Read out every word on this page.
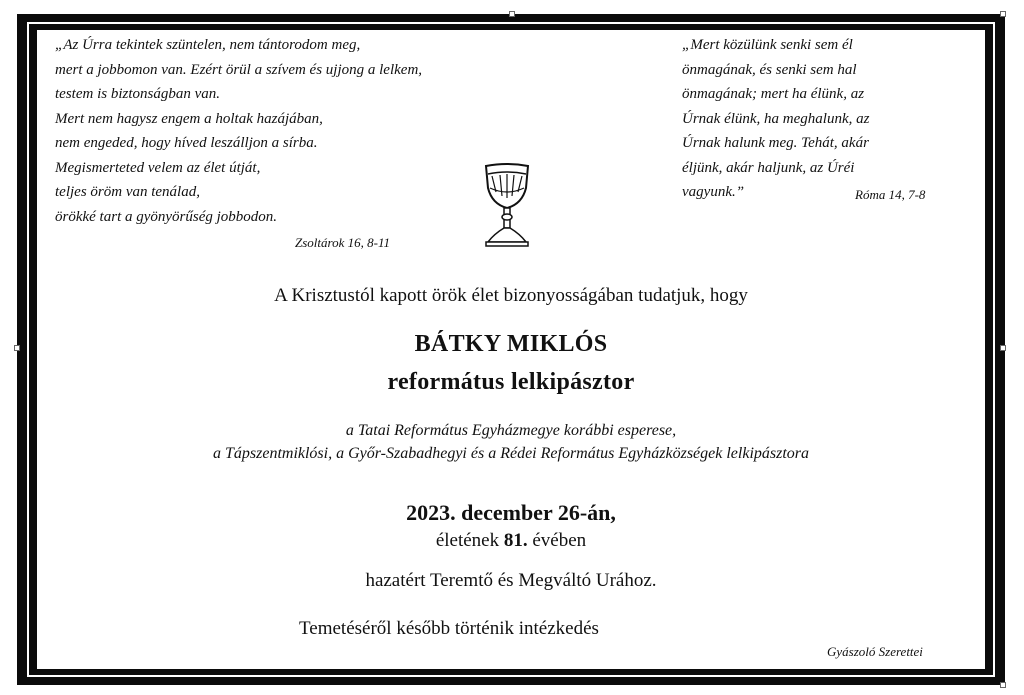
„Az Úrra tekintek szüntelen, nem tántorodom meg,
mert a jobbomon van. Ezért örül a szívem és ujjong a lelkem,
testem is biztonságban van.
Mert nem hagysz engem a holtak hazájában,
nem engeded, hogy híved leszálljon a sírba.
Megismerteted velem az élet útját,
teljes öröm van tenálad,
örökké tart a gyönyörűség jobbodon.
Zsoltárok 16, 8-11
„Mert közülünk senki sem él
önmagának, és senki sem hal
önmagának; mert ha élünk, az
Úrnak élünk, ha meghalunk, az
Úrnak halunk meg. Tehát, akár
éljünk, akár haljunk, az Úréi
vagyunk.”	Róma 14, 7-8
A Krisztustól kapott örök élet bizonyosságában tudatjuk, hogy
BÁTKY MIKLÓS
református lelkipásztor
a Tatai Református Egyházmegye korábbi esperese,
a Tápszentmiklósi, a Győr-Szabadhegyi és a Rédei Református Egyházközségek lelkipásztora
2023. december 26-án,
életének 81. évében
hazatért Teremtő és Megváltó Urához.
Temetéséről később történik intézkedés
Gyászoló Szerettei
